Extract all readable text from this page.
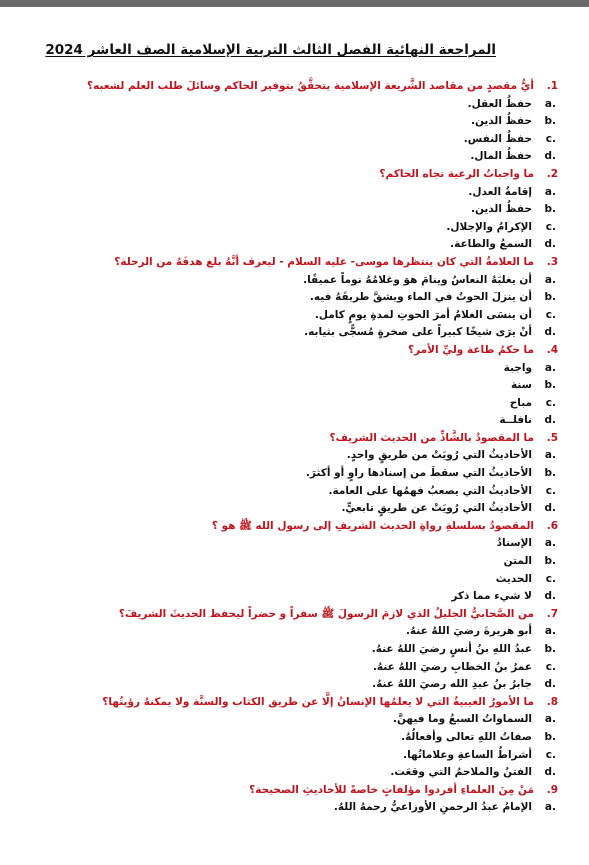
المراجعة النهائية الفصل الثالث التربية الإسلامية الصف العاشر 2024
.1
أيُّ مقصدٍ من مقاصد الشَّريعة الإسلامية يتحقَّقُ بتوفير الحاكم وسائلَ طلب العلم لشعبه؟
a.
حفظُ العقل.
b.
حفظُ الدين.
c.
حفظُ النفس.
d.
حفظُ المال.
.2
ما واجباتُ الرعية تجاه الحاكم؟
a.
إقامةُ العدل.
b.
حفظُ الدين.
c.
الإكرامُ والإجلال.
d.
السمعُ والطاعة.
.3
ما العلامةُ التي كان ينتظرها موسى- عليه السلام - ليعرف أنَّهُ بلغ هدفَهُ من الرحلة؟
a.
أن يغلبَهُ النعاسُ وينامَ هوَ وغلامُهُ نوماً عميقًا.
b.
أن ينزلَ الحوتُ في الماء ويشقَّ طريقَهُ فيه.
c.
أن ينسَى الغلامُ أمرَ الحوتِ لمدةِ يومٍ كامل.
d.
أنْ يرَى شيخًا كبيراً على صخرةٍ مُسجًّى بثيابه.
.4
ما حكمُ طاعة وليِّ الأمر؟
a.
واجبة
b.
سنة
c.
مباح
d.
نافلــة
.5
ما المقصودُ بالشَّاذِّ من الحديث الشريف؟
a.
الأحاديثُ التي رُويَتْ من طريقٍ واحدٍ.
b.
الأحاديثُ التي سقطَ من إسنادها راوٍ أو أكثرَ.
c.
الأحاديثُ التي يصعبُ فهمُها على العامة.
d.
الأحاديثُ التي رُويَتْ عن طريقٍ تابعيٍّ.
.6
المقصودُ بسلسلةِ رواةِ الحديث الشريفِ إلى رسول الله ﷺ هو ؟
a.
الإسنادُ
b.
المتن
c.
الحديث
d.
لا شيء مما ذكر
.7
من الصَّحابيُّ الجليلُ الذي لازمَ الرسولَ ﷺ سفراً و حضراً ليحفظ الحديثَ الشريفَ؟
a.
أبو هريرةَ رضيَ اللهُ عنهُ.
b.
عبدُ اللهِ بنُ أنسٍ رضيَ اللهُ عنهُ.
c.
عمرُ بنُ الخطابِ رضيَ اللهُ عنهُ.
d.
جابرُ بنُ عبدِ الله رضيَ اللهُ عنهُ.
.8
ما الأمورُ الغيبيةُ التي لا يعلمُها الإنسانُ إلَّا عن طريق الكتاب والسنَّة ولا يمكنهُ رؤيتُها؟
a.
السماواتُ السبعُ وما فيهنَّ.
b.
صفاتُ اللهِ تعالى وأفعالُهُ.
c.
أشراطُ الساعةِ وعلاماتُها.
d.
الفتنُ والملاحمُ التي وقعَت.
.9
مَنْ مِنَ العلماءِ أفردوا مؤلفاتٍ خاصةً للأحاديثِ الصحيحة؟
a.
الإمامُ عبدُ الرحمنِ الأوزاعيُّ رحمهُ اللهُ.
